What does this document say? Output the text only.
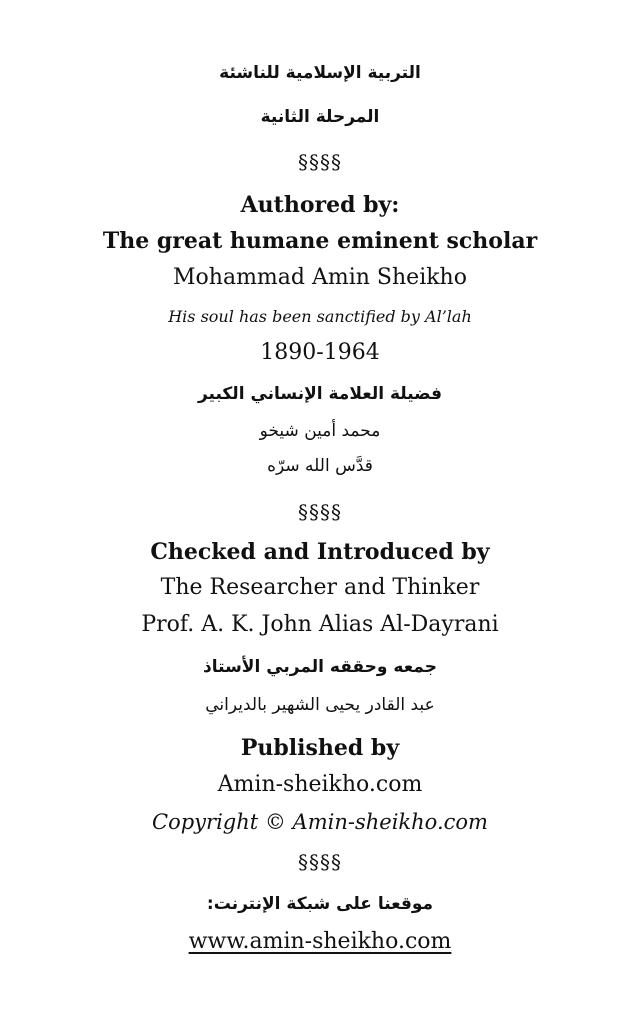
التربية الإسلامية للناشئة
المرحلة الثانية
§§§§
Authored by:
The great humane eminent scholar
Mohammad Amin Sheikho
His soul has been sanctified by Al’lah
1890-1964
فضيلة العلامة الإنساني الكبير
محمد أمين شيخو
قدَّس الله سرّه
§§§§
Checked and Introduced by
The Researcher and Thinker
Prof. A. K. John Alias Al-Dayrani
جمعه وحققه المربي الأستاذ
عبد القادر يحيى الشهير بالديراني
Published by
Amin-sheikho.com
Copyright © Amin-sheikho.com
§§§§
موقعنا على شبكة الإنترنت:
www.amin-sheikho.com
